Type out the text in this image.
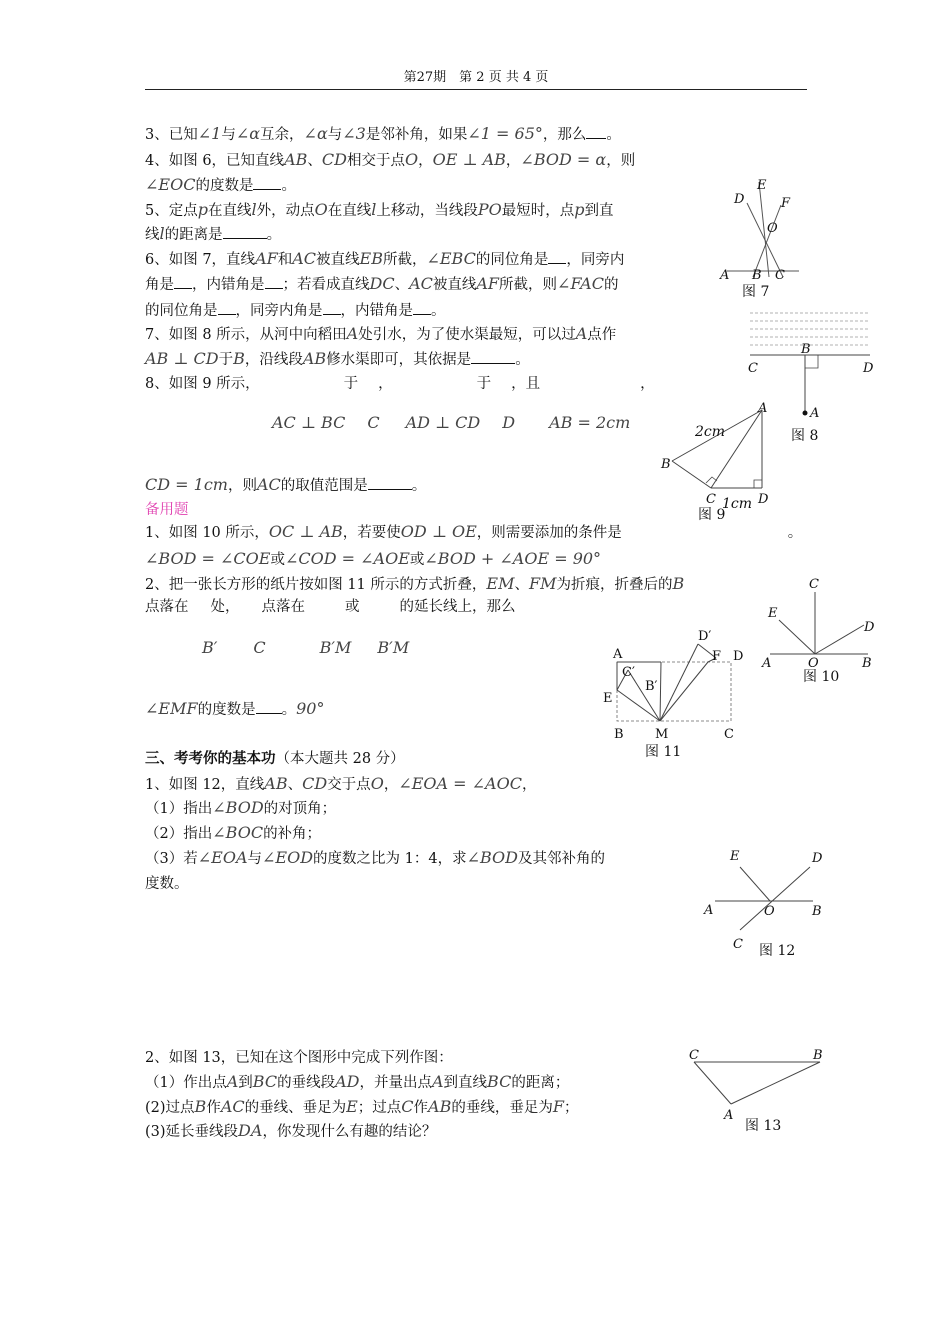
第27期　第 2 页 共 4 页
3、已知∠1与∠α互余，∠α与∠3是邻补角，如果∠1 = 65°，那么 。
4、如图 6，已知直线AB、CD相交于点O，OE ⊥ AB，∠BOD = α，则
∠EOC的度数是 。
5、定点p在直线l外，动点O在直线l上移动，当线段PO最短时，点p到直
线l的距离是	。
6、如图 7，直线AF和AC被直线EB所截，∠EBC的同位角是 ，同旁内
角是 ，内错角是 ；若看成直线DC、AC被直线AF所截，则∠FAC的
的同位角是 ，同旁内角是 ，内错角是 。
7、如图 8 所示，从河中向稻田A处引水，为了使水渠最短，可以过A点作
AB ⊥ CD于B，沿线段AB修水渠即可，其依据是	。
8、如图 9 所示，	于 ，	于 ，且	，
AC ⊥ BC C AD ⊥ CD D AB = 2cm
CD = 1cm，则AC的取值范围是	。
备用题
1、如图 10 所示，OC ⊥ AB，若要使OD ⊥ OE，则需要添加的条件是	。
∠BOD = ∠COE或∠COD = ∠AOE或∠BOD + ∠AOE = 90°
2、把一张长方形的纸片按如图 11 所示的方式折叠，EM、FM为折痕，折叠后的B
点落在 处， 点落在	或	的延长线上，那么
B′ C	B′M B′M
∠EMF的度数是 。90°
三、考考你的基本功（本大题共 28 分）
1、如图 12，直线AB、CD交于点O，∠EOA = ∠AOC，
（1）指出∠BOD的对顶角；
（2）指出∠BOC的补角；
（3）若∠EOA与∠EOD的度数之比为 1：4，求∠BOD及其邻补角的
度数。
2、如图 13，已知在这个图形中完成下列作图：
（1）作出点A到BC的垂线段AD，并量出点A到直线BC的距离；
(2)过点B作AC的垂线、垂足为E；过点C作AB的垂线，垂足为F；
(3)延长垂线段DA，你发现什么有趣的结论？
D
E
F
O
A B C
图 7
B
C	D
A
图 8
A
2cm
B
C 1cm D
图 9
C
E
D
A	O	B
图 10
D′
A	F D
C′
B′
E
B M	C
图 11
E	D
A	O	B
C 图 12
C	B
A
图 13
